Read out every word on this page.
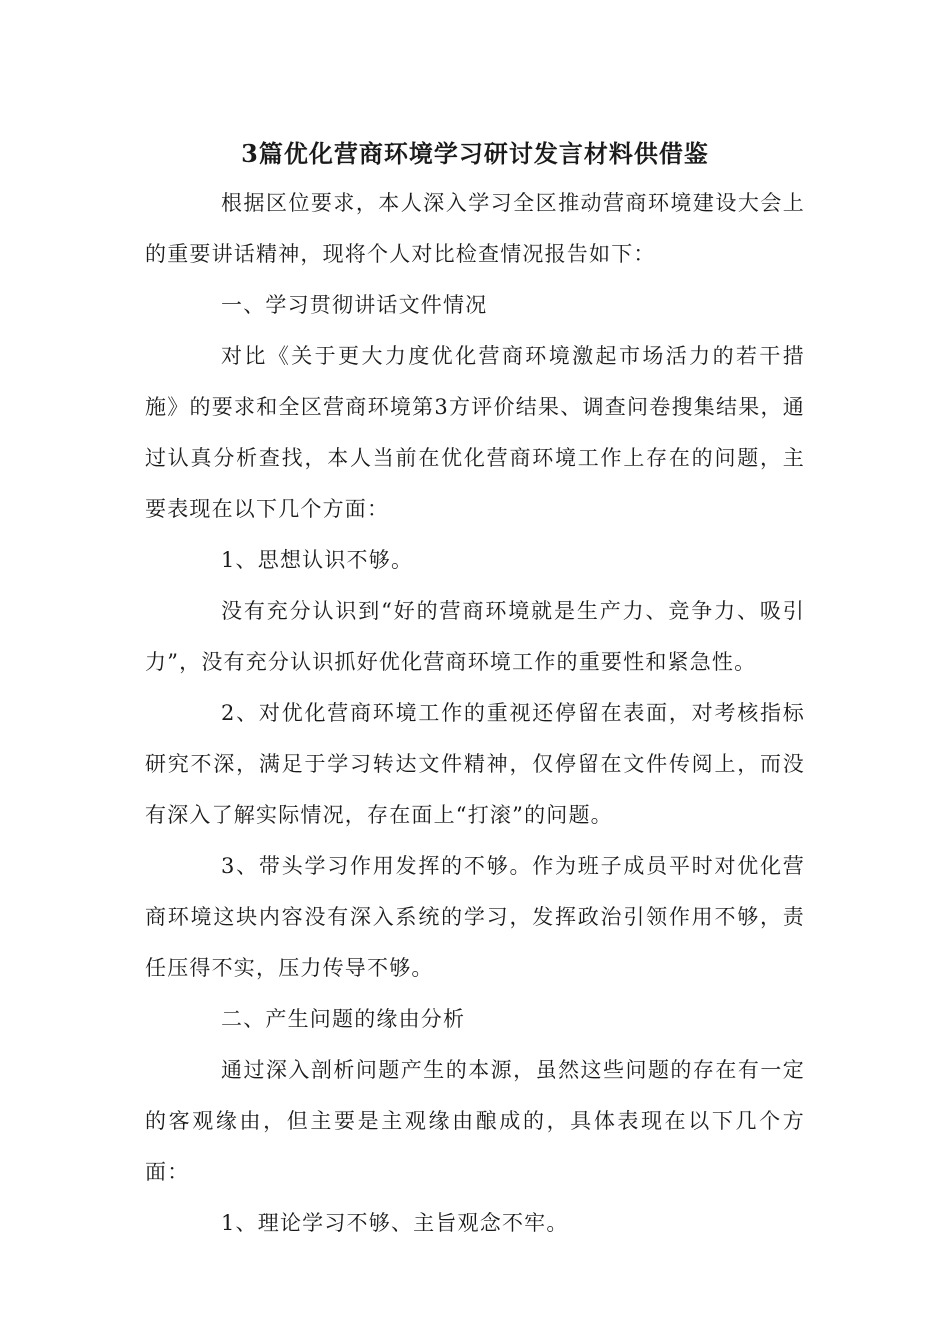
3篇优化营商环境学习研讨发言材料供借鉴

根据区位要求，本人深入学习全区推动营商环境建设大会上的重要讲话精神，现将个人对比检查情况报告如下：

一、学习贯彻讲话文件情况

对比《关于更大力度优化营商环境激起市场活力的若干措施》的要求和全区营商环境第3方评价结果、调查问卷搜集结果，通过认真分析查找，本人当前在优化营商环境工作上存在的问题，主要表现在以下几个方面：

1、思想认识不够。

没有充分认识到“好的营商环境就是生产力、竞争力、吸引力”，没有充分认识抓好优化营商环境工作的重要性和紧急性。

2、对优化营商环境工作的重视还停留在表面，对考核指标研究不深，满足于学习转达文件精神，仅停留在文件传阅上，而没有深入了解实际情况，存在面上“打滚”的问题。

3、带头学习作用发挥的不够。作为班子成员平时对优化营商环境这块内容没有深入系统的学习，发挥政治引领作用不够，责任压得不实，压力传导不够。

二、产生问题的缘由分析

通过深入剖析问题产生的本源，虽然这些问题的存在有一定的客观缘由，但主要是主观缘由酿成的，具体表现在以下几个方面：

1、理论学习不够、主旨观念不牢。
